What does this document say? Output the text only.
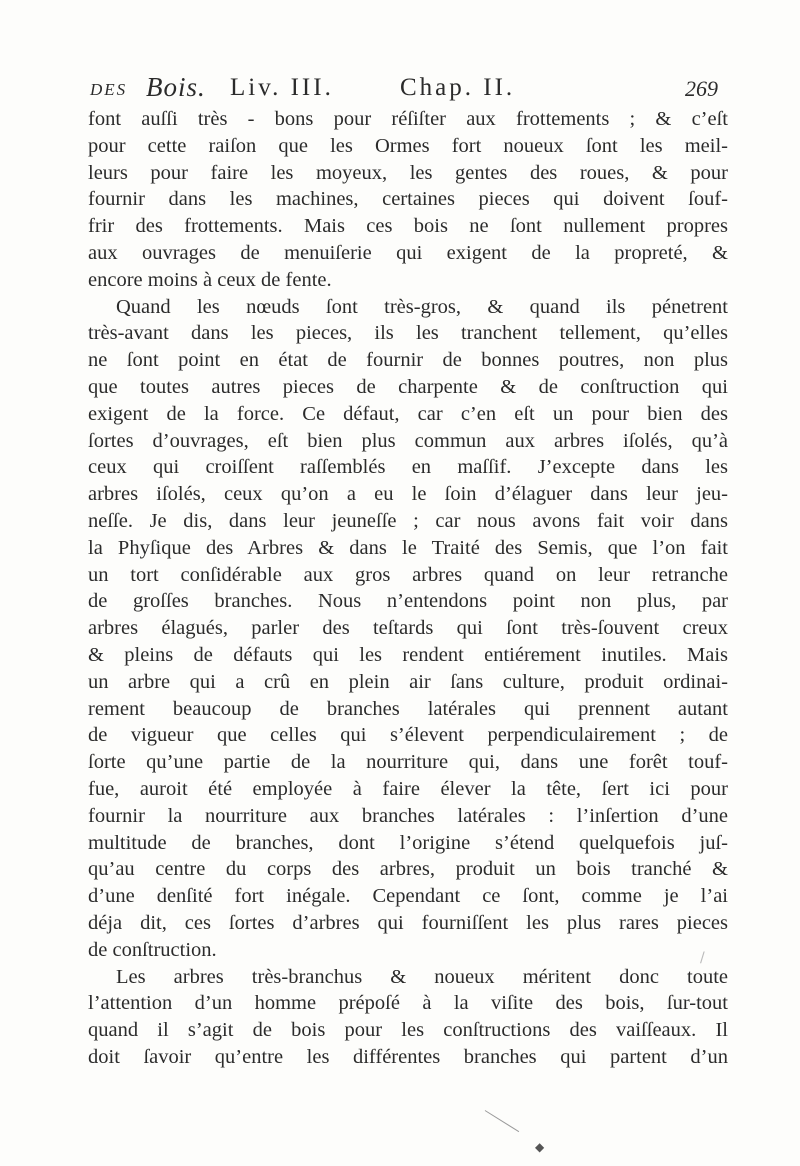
DES Bois. Liv. III.	Chap. II.	269
font auſſi très - bons pour réſiſter aux frottements ; & c’eſt
pour cette raiſon que les Ormes fort noueux ſont les meil-
leurs pour faire les moyeux, les gentes des roues, & pour
fournir dans les machines, certaines pieces qui doivent ſouf-
frir des frottements. Mais ces bois ne ſont nullement propres
aux ouvrages de menuiſerie qui exigent de la propreté, &
encore moins à ceux de fente.
Quand les nœuds ſont très-gros, & quand ils pénetrent
très-avant dans les pieces, ils les tranchent tellement, qu’elles
ne ſont point en état de fournir de bonnes poutres, non plus
que toutes autres pieces de charpente & de conſtruction qui
exigent de la force. Ce défaut, car c’en eſt un pour bien des
ſortes d’ouvrages, eſt bien plus commun aux arbres iſolés, qu’à
ceux qui croiſſent raſſemblés en maſſif. J’excepte dans les
arbres iſolés, ceux qu’on a eu le ſoin d’élaguer dans leur jeu-
neſſe. Je dis, dans leur jeuneſſe ; car nous avons fait voir dans
la Phyſique des Arbres & dans le Traité des Semis, que l’on fait
un tort conſidérable aux gros arbres quand on leur retranche
de groſſes branches. Nous n’entendons point non plus, par
arbres élagués, parler des teſtards qui ſont très-ſouvent creux
& pleins de défauts qui les rendent entiérement inutiles. Mais
un arbre qui a crû en plein air ſans culture, produit ordinai-
rement beaucoup de branches latérales qui prennent autant
de vigueur que celles qui s’élevent perpendiculairement ; de
ſorte qu’une partie de la nourriture qui, dans une forêt touf-
fue, auroit été employée à faire élever la tête, ſert ici pour
fournir la nourriture aux branches latérales : l’inſertion d’une
multitude de branches, dont l’origine s’étend quelquefois juſ-
qu’au centre du corps des arbres, produit un bois tranché &
d’une denſité fort inégale. Cependant ce ſont, comme je l’ai
déja dit, ces ſortes d’arbres qui fourniſſent les plus rares pieces
de conſtruction.
Les arbres très-branchus & noueux méritent donc toute
l’attention d’un homme prépoſé à la viſite des bois, ſur-tout
quand il s’agit de bois pour les conſtructions des vaiſſeaux. Il
doit ſavoir qu’entre les différentes branches qui partent d’un
/
◆
